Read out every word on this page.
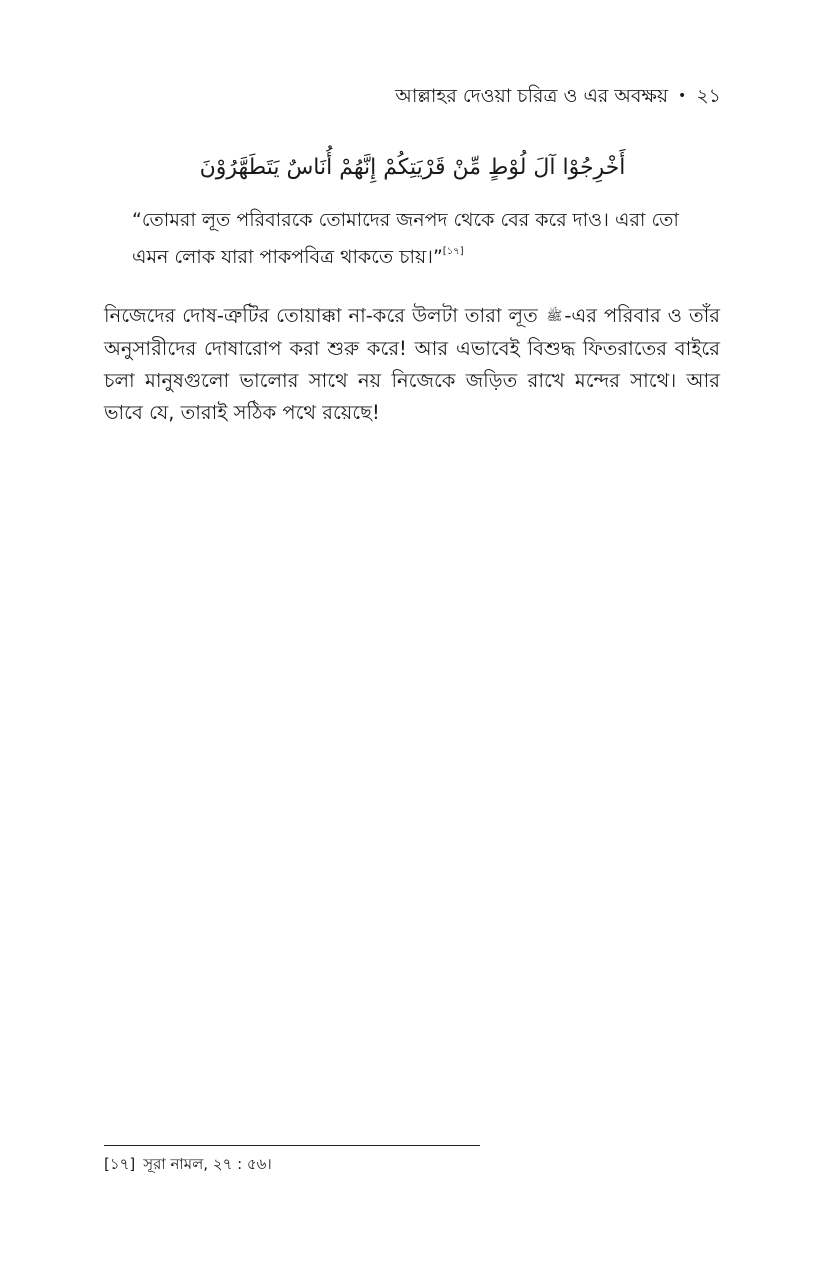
আল্লাহর দেওয়া চরিত্র ও এর অবক্ষয় • ২১
أَخْرِجُوْا آلَ لُوْطٍ مِّنْ قَرْيَتِكُمْ إِنَّهُمْ أُنَاسٌ يَتَطَهَّرُوْنَ
“তোমরা লূত পরিবারকে তোমাদের জনপদ থেকে বের করে দাও। এরা তো এমন লোক যারা পাকপবিত্র থাকতে চায়।”[১৭]
নিজেদের দোষ-ত্রুটির তোয়াক্কা না-করে উলটা তারা লূত ﷺ -এর পরিবার ও তাঁর অনুসারীদের দোষারোপ করা শুরু করে! আর এভাবেই বিশুদ্ধ ফিতরাতের বাইরে চলা মানুষগুলো ভালোর সাথে নয় নিজেকে জড়িত রাখে মন্দের সাথে। আর ভাবে যে, তারাই সঠিক পথে রয়েছে!
[১৭] সূরা নামল, ২৭ : ৫৬।
